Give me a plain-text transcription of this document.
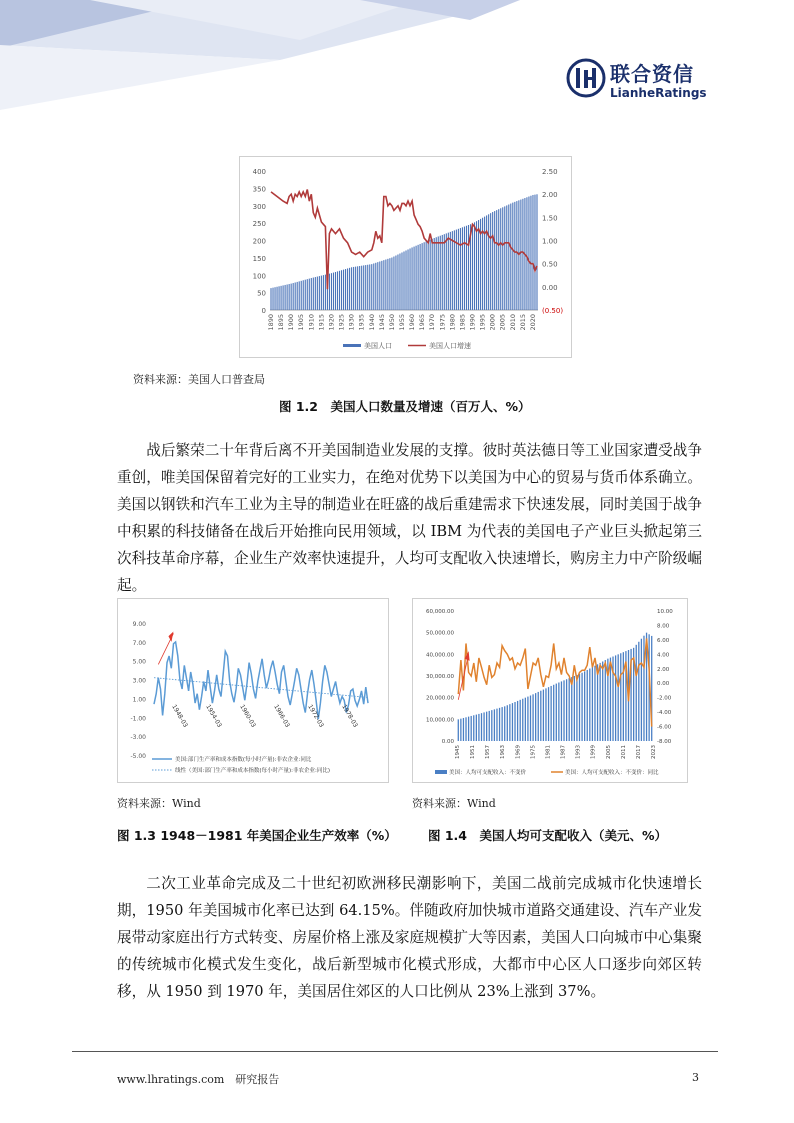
联合资信
LianheRatings
400
350
300
250
200
150
100
50
0
2.50
2.00
1.50
1.00
0.50
0.00
(0.50)
1890 1895 1900 1905 1910 1915 1920 1925 1930 1935 1940 1945 1950 1955 1960 1965 1970 1975 1980 1985 1990 1995 2000 2005 2010 2015 2020
美国人口	美国人口增速
资料来源：美国人口普查局
图 1.2　美国人口数量及增速（百万人、%）
战后繁荣二十年背后离不开美国制造业发展的支撑。彼时英法德日等工业国家遭受战争重创，唯美国保留着完好的工业实力，在绝对优势下以美国为中心的贸易与货币体系确立。美国以钢铁和汽车工业为主导的制造业在旺盛的战后重建需求下快速发展，同时美国于战争中积累的科技储备在战后开始推向民用领域，以 IBM 为代表的美国电子产业巨头掀起第三次科技革命序幕，企业生产效率快速提升，人均可支配收入快速增长，购房主力中产阶级崛起。
9.00
7.00
5.00
3.00
1.00
-1.00
-3.00
-5.00
1948-03	1954-03	1960-03	1966-03	1972-03	1978-03
美国:部门生产率和成本指数(每小时产量):非农企业:同比
线性（美国:部门生产率和成本指数(每小时产量):非农企业:同比)
资料来源：Wind
图 1.3 1948－1981 年美国企业生产效率（%）
60,000.00
50,000.00
40,000.00
30,000.00
20,000.00
10,000.00
0.00
10.00
8.00
6.00
4.00
2.00
0.00
-2.00
-4.00
-6.00
-8.00
1945 1951 1957 1963 1969 1975 1981 1987 1993 1999 2005 2011 2017 2023
美国：人均可支配收入：不变价	美国：人均可支配收入：不变价：同比
资料来源：Wind
图 1.4　美国人均可支配收入（美元、%）
二次工业革命完成及二十世纪初欧洲移民潮影响下，美国二战前完成城市化快速增长期，1950 年美国城市化率已达到 64.15%。伴随政府加快城市道路交通建设、汽车产业发展带动家庭出行方式转变、房屋价格上涨及家庭规模扩大等因素，美国人口向城市中心集聚的传统城市化模式发生变化，战后新型城市化模式形成，大都市中心区人口逐步向郊区转移，从 1950 到 1970 年，美国居住郊区的人口比例从 23%上涨到 37%。
www.lhratings.com　研究报告	3
